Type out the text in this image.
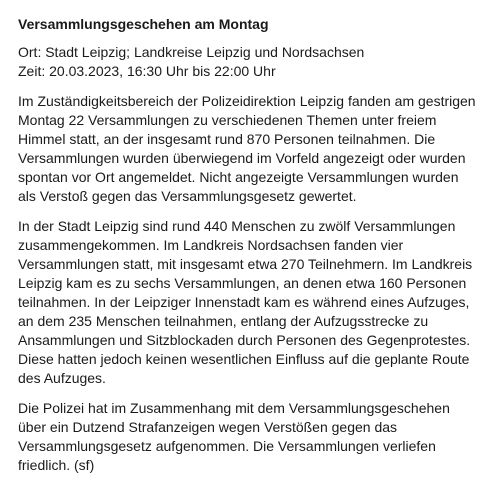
Versammlungsgeschehen am Montag

Ort: Stadt Leipzig; Landkreise Leipzig und Nordsachsen

Zeit: 20.03.2023, 16:30 Uhr bis 22:00 Uhr

Im Zuständigkeitsbereich der Polizeidirektion Leipzig fanden am gestrigen Montag 22 Versammlungen zu verschiedenen Themen unter freiem Himmel statt, an der insgesamt rund 870 Personen teilnahmen. Die Versammlungen wurden überwiegend im Vorfeld angezeigt oder wurden spontan vor Ort angemeldet. Nicht angezeigte Versammlungen wurden als Verstoß gegen das Versammlungsgesetz gewertet.

In der Stadt Leipzig sind rund 440 Menschen zu zwölf Versammlungen zusammengekommen. Im Landkreis Nordsachsen fanden vier Versammlungen statt, mit insgesamt etwa 270 Teilnehmern. Im Landkreis Leipzig kam es zu sechs Versammlungen, an denen etwa 160 Personen teilnahmen. In der Leipziger Innenstadt kam es während eines Aufzuges, an dem 235 Menschen teilnahmen, entlang der Aufzugsstrecke zu Ansammlungen und Sitzblockaden durch Personen des Gegenprotestes. Diese hatten jedoch keinen wesentlichen Einfluss auf die geplante Route des Aufzuges.

Die Polizei hat im Zusammenhang mit dem Versammlungsgeschehen über ein Dutzend Strafanzeigen wegen Verstößen gegen das Versammlungsgesetz aufgenommen. Die Versammlungen verliefen friedlich. (sf)
